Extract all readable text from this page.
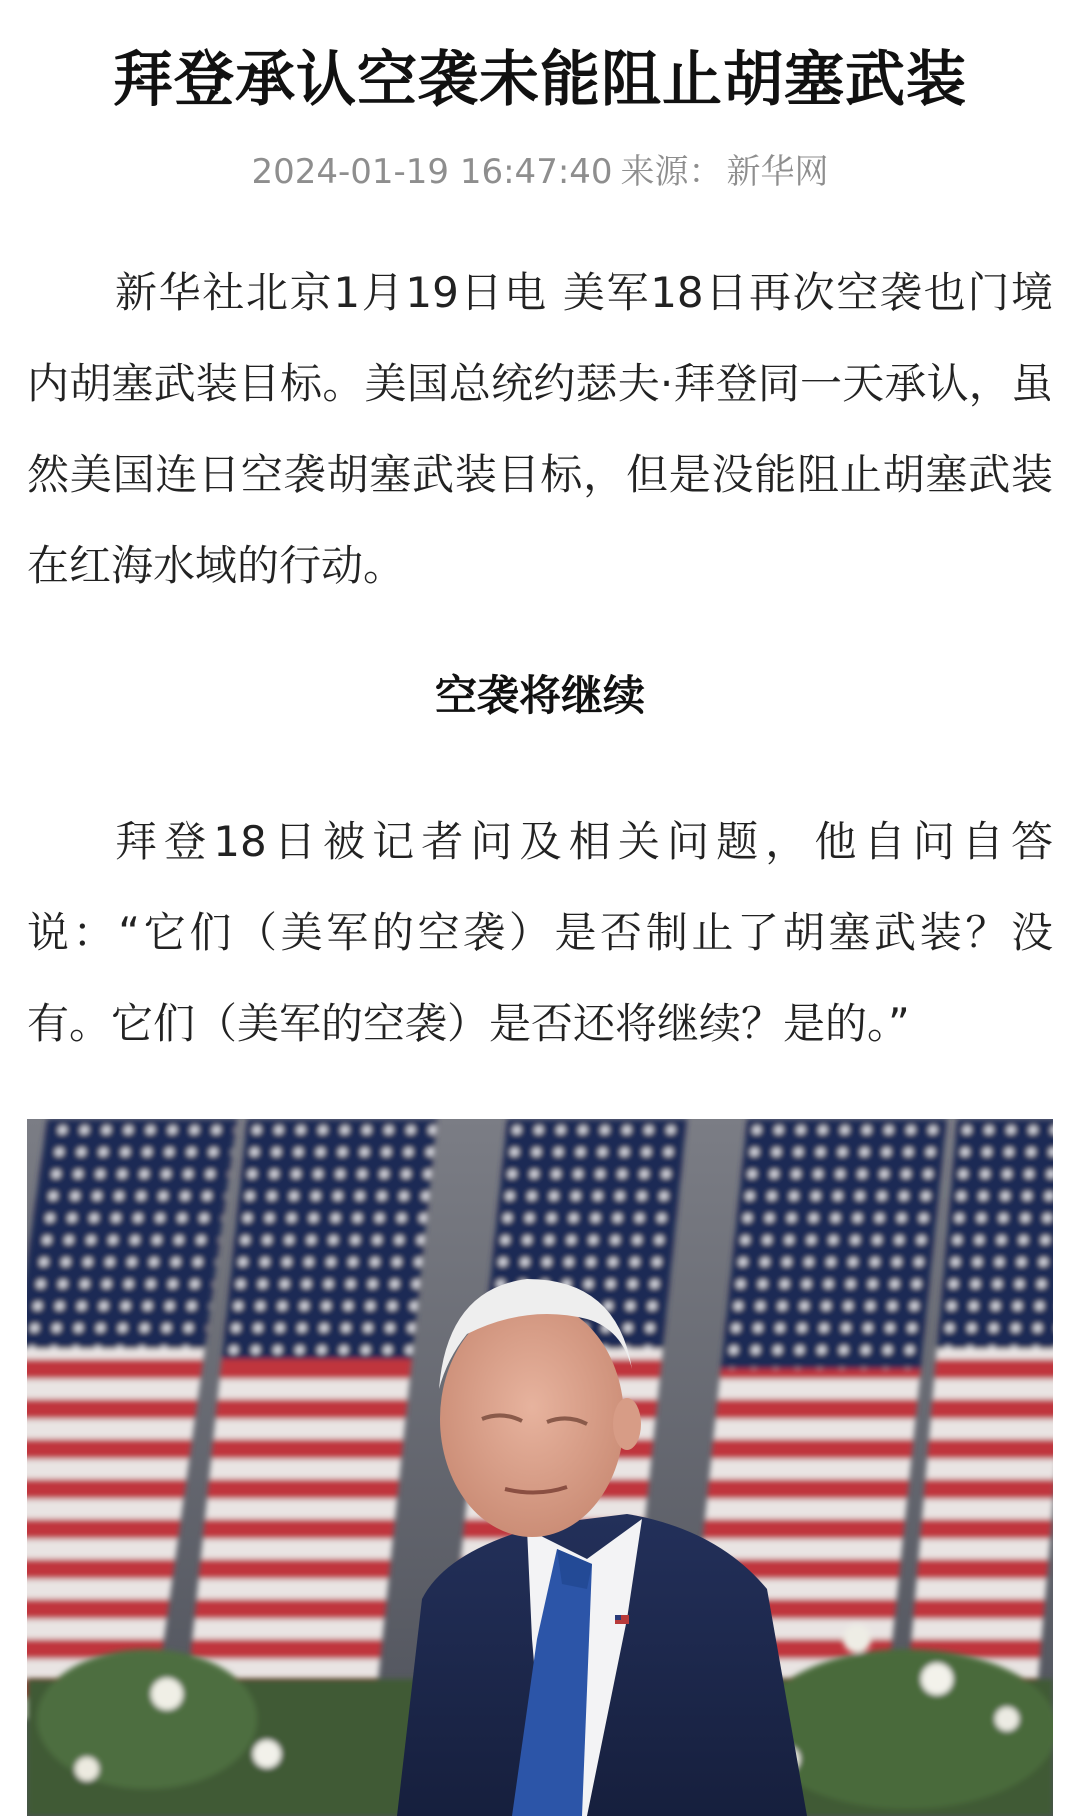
拜登承认空袭未能阻止胡塞武装
2024-01-19 16:47:40 来源： 新华网

新华社北京1月19日电 美军18日再次空袭也门境内胡塞武装目标。美国总统约瑟夫·拜登同一天承认，虽然美国连日空袭胡塞武装目标，但是没能阻止胡塞武装在红海水域的行动。

空袭将继续

拜登18日被记者问及相关问题，他自问自答说：“它们（美军的空袭）是否制止了胡塞武装？没有。它们（美军的空袭）是否还将继续？是的。”
